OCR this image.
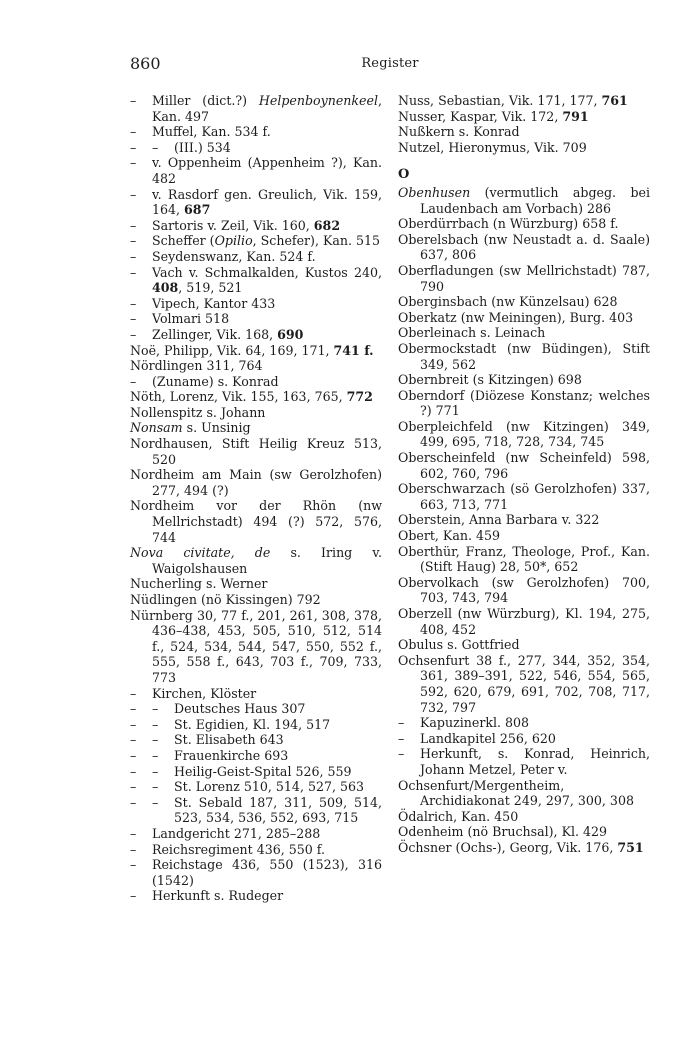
860	Register
– Miller (dict.?) Helpenboynenkeel, Kan. 497
– Muffel, Kan. 534 f.
– – (III.) 534
– v. Oppenheim (Appenheim ?), Kan. 482
– v. Rasdorf gen. Greulich, Vik. 159, 164, 687
– Sartoris v. Zeil, Vik. 160, 682
– Scheffer (Opilio, Schefer), Kan. 515
– Seydenswanz, Kan. 524 f.
– Vach v. Schmalkalden, Kustos 240, 408, 519, 521
– Vipech, Kantor 433
– Volmari 518
– Zellinger, Vik. 168, 690
Noë, Philipp, Vik. 64, 169, 171, 741 f.
Nördlingen 311, 764
– (Zuname) s. Konrad
Nöth, Lorenz, Vik. 155, 163, 765, 772
Nollenspitz s. Johann
Nonsam s. Unsinig
Nordhausen, Stift Heilig Kreuz 513, 520
Nordheim am Main (sw Gerolzhofen) 277, 494 (?)
Nordheim vor der Rhön (nw Mellrichstadt) 494 (?) 572, 576, 744
Nova civitate, de s. Iring v. Waigolshausen
Nucherling s. Werner
Nüdlingen (nö Kissingen) 792
Nürnberg 30, 77 f., 201, 261, 308, 378, 436–438, 453, 505, 510, 512, 514 f., 524, 534, 544, 547, 550, 552 f., 555, 558 f., 643, 703 f., 709, 733, 773
– Kirchen, Klöster
– – Deutsches Haus 307
– – St. Egidien, Kl. 194, 517
– – St. Elisabeth 643
– – Frauenkirche 693
– – Heilig-Geist-Spital 526, 559
– – St. Lorenz 510, 514, 527, 563
– – St. Sebald 187, 311, 509, 514, 523, 534, 536, 552, 693, 715
– Landgericht 271, 285–288
– Reichsregiment 436, 550 f.
– Reichstage 436, 550 (1523), 316 (1542)
– Herkunft s. Rudeger
Nuss, Sebastian, Vik. 171, 177, 761
Nusser, Kaspar, Vik. 172, 791
Nußkern s. Konrad
Nutzel, Hieronymus, Vik. 709
O
Obenhusen (vermutlich abgeg. bei Laudenbach am Vorbach) 286
Oberdürrbach (n Würzburg) 658 f.
Oberelsbach (nw Neustadt a. d. Saale) 637, 806
Oberfladungen (sw Mellrichstadt) 787, 790
Oberginsbach (nw Künzelsau) 628
Oberkatz (nw Meiningen), Burg. 403
Oberleinach s. Leinach
Obermockstadt (nw Büdingen), Stift 349, 562
Obernbreit (s Kitzingen) 698
Oberndorf (Diözese Konstanz; welches ?) 771
Oberpleichfeld (nw Kitzingen) 349, 499, 695, 718, 728, 734, 745
Oberscheinfeld (nw Scheinfeld) 598, 602, 760, 796
Oberschwarzach (sö Gerolzhofen) 337, 663, 713, 771
Oberstein, Anna Barbara v. 322
Obert, Kan. 459
Oberthür, Franz, Theologe, Prof., Kan. (Stift Haug) 28, 50*, 652
Obervolkach (sw Gerolzhofen) 700, 703, 743, 794
Oberzell (nw Würzburg), Kl. 194, 275, 408, 452
Obulus s. Gottfried
Ochsenfurt 38 f., 277, 344, 352, 354, 361, 389–391, 522, 546, 554, 565, 592, 620, 679, 691, 702, 708, 717, 732, 797
– Kapuzinerkl. 808
– Landkapitel 256, 620
– Herkunft, s. Konrad, Heinrich, Johann Metzel, Peter v.
Ochsenfurt/Mergentheim, Archidiakonat 249, 297, 300, 308
Ödalrich, Kan. 450
Odenheim (nö Bruchsal), Kl. 429
Öchsner (Ochs-), Georg, Vik. 176, 751
